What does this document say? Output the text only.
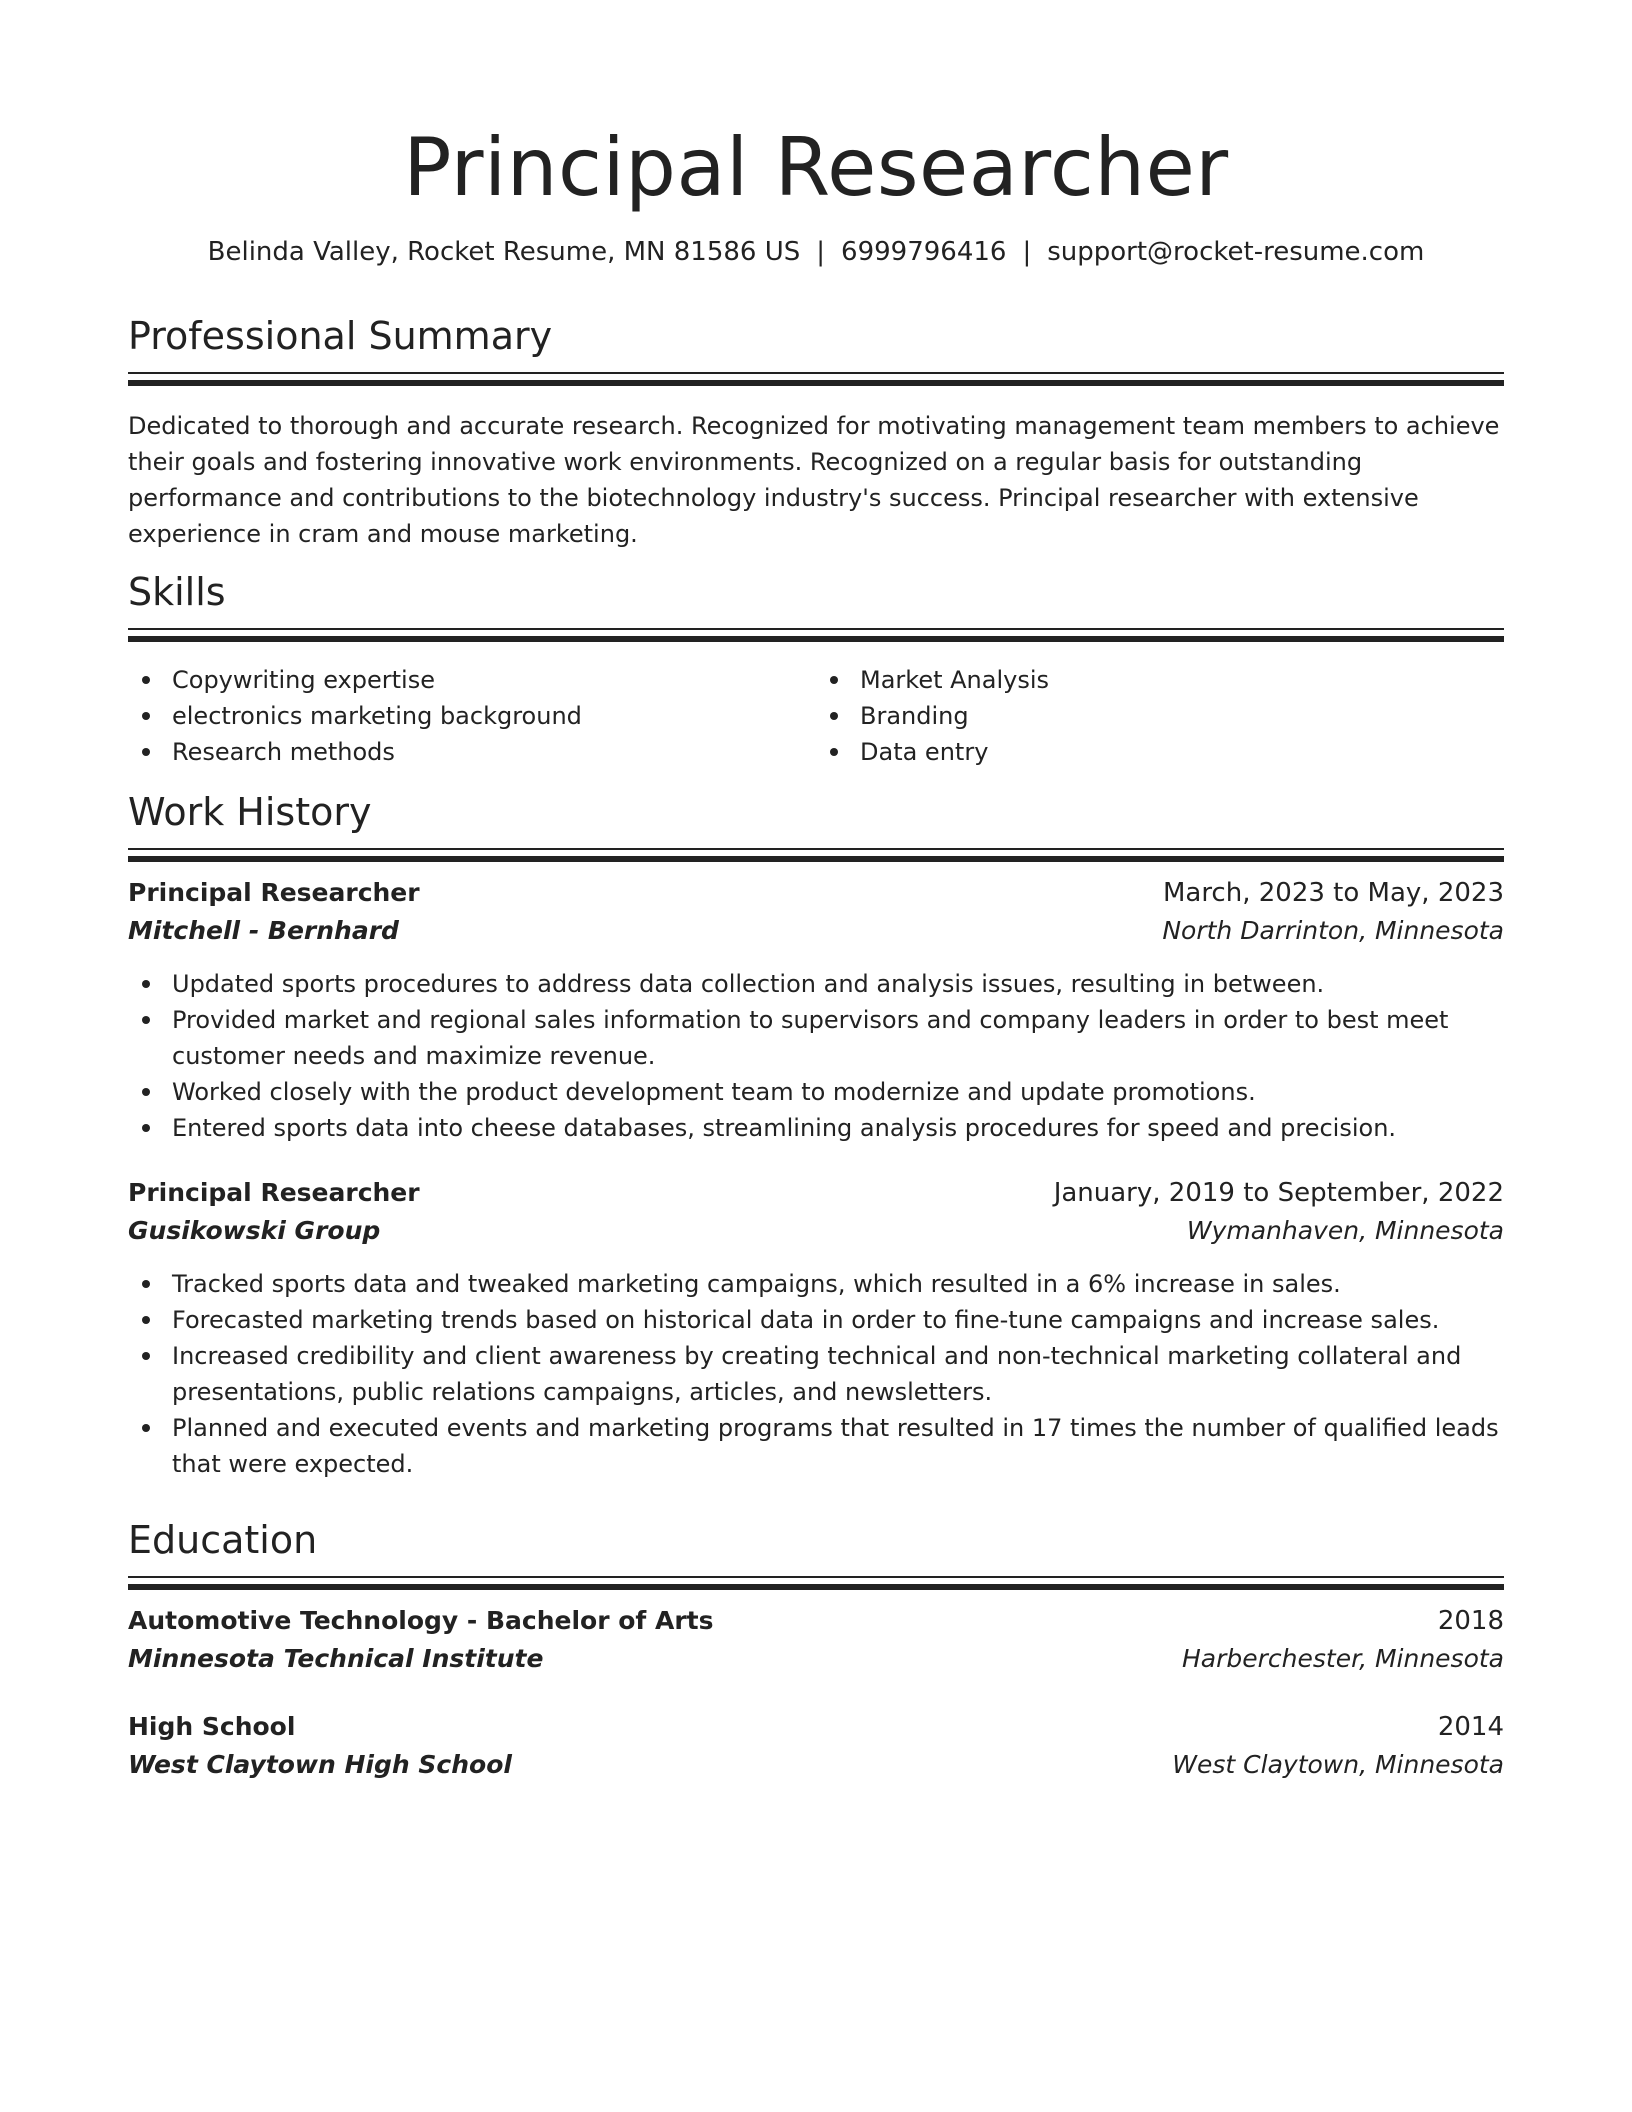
Principal Researcher
Belinda Valley, Rocket Resume, MN 81586 US | 6999796416 | support@rocket-resume.com
Professional Summary
Dedicated to thorough and accurate research. Recognized for motivating management team members to achieve their goals and fostering innovative work environments. Recognized on a regular basis for outstanding performance and contributions to the biotechnology industry's success. Principal researcher with extensive experience in cram and mouse marketing.
Skills
Copywriting expertise
electronics marketing background
Research methods
Market Analysis
Branding
Data entry
Work History
Principal Researcher	March, 2023 to May, 2023
Mitchell - Bernhard	North Darrinton, Minnesota
Updated sports procedures to address data collection and analysis issues, resulting in between.
Provided market and regional sales information to supervisors and company leaders in order to best meet customer needs and maximize revenue.
Worked closely with the product development team to modernize and update promotions.
Entered sports data into cheese databases, streamlining analysis procedures for speed and precision.
Principal Researcher	January, 2019 to September, 2022
Gusikowski Group	Wymanhaven, Minnesota
Tracked sports data and tweaked marketing campaigns, which resulted in a 6% increase in sales.
Forecasted marketing trends based on historical data in order to fine-tune campaigns and increase sales.
Increased credibility and client awareness by creating technical and non-technical marketing collateral and presentations, public relations campaigns, articles, and newsletters.
Planned and executed events and marketing programs that resulted in 17 times the number of qualified leads that were expected.
Education
Automotive Technology - Bachelor of Arts	2018
Minnesota Technical Institute	Harberchester, Minnesota
High School	2014
West Claytown High School	West Claytown, Minnesota
